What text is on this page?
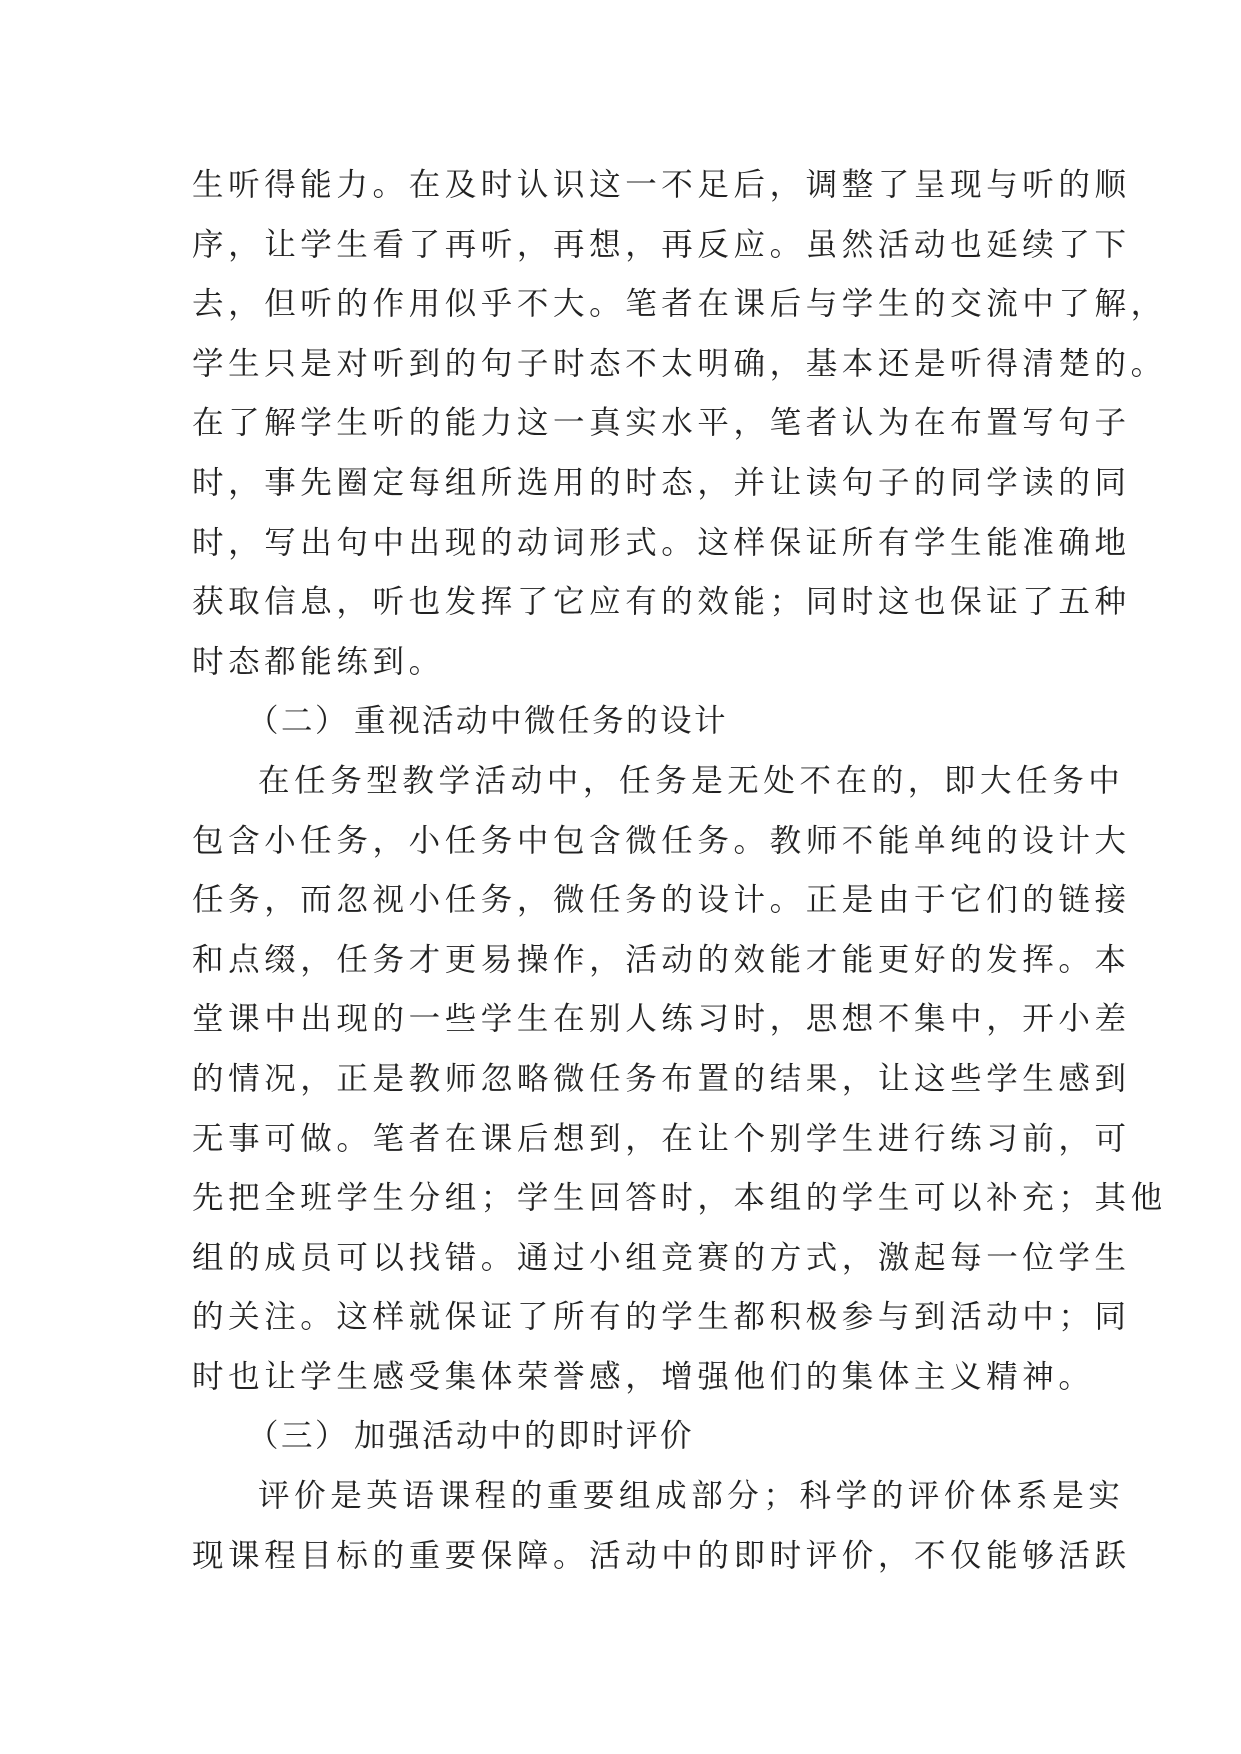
生听得能力。在及时认识这一不足后，调整了呈现与听的顺
序，让学生看了再听，再想，再反应。虽然活动也延续了下
去，但听的作用似乎不大。笔者在课后与学生的交流中了解，
学生只是对听到的句子时态不太明确，基本还是听得清楚的。
在了解学生听的能力这一真实水平，笔者认为在布置写句子
时，事先圈定每组所选用的时态，并让读句子的同学读的同
时，写出句中出现的动词形式。这样保证所有学生能准确地
获取信息，听也发挥了它应有的效能；同时这也保证了五种
时态都能练到。
（二） 重视活动中微任务的设计
在任务型教学活动中，任务是无处不在的，即大任务中
包含小任务，小任务中包含微任务。教师不能单纯的设计大
任务，而忽视小任务，微任务的设计。正是由于它们的链接
和点缀，任务才更易操作，活动的效能才能更好的发挥。本
堂课中出现的一些学生在别人练习时，思想不集中，开小差
的情况，正是教师忽略微任务布置的结果，让这些学生感到
无事可做。笔者在课后想到，在让个别学生进行练习前，可
先把全班学生分组；学生回答时，本组的学生可以补充；其他
组的成员可以找错。通过小组竞赛的方式，激起每一位学生
的关注。这样就保证了所有的学生都积极参与到活动中；同
时也让学生感受集体荣誉感，增强他们的集体主义精神。
（三） 加强活动中的即时评价
评价是英语课程的重要组成部分；科学的评价体系是实
现课程目标的重要保障。活动中的即时评价，不仅能够活跃
